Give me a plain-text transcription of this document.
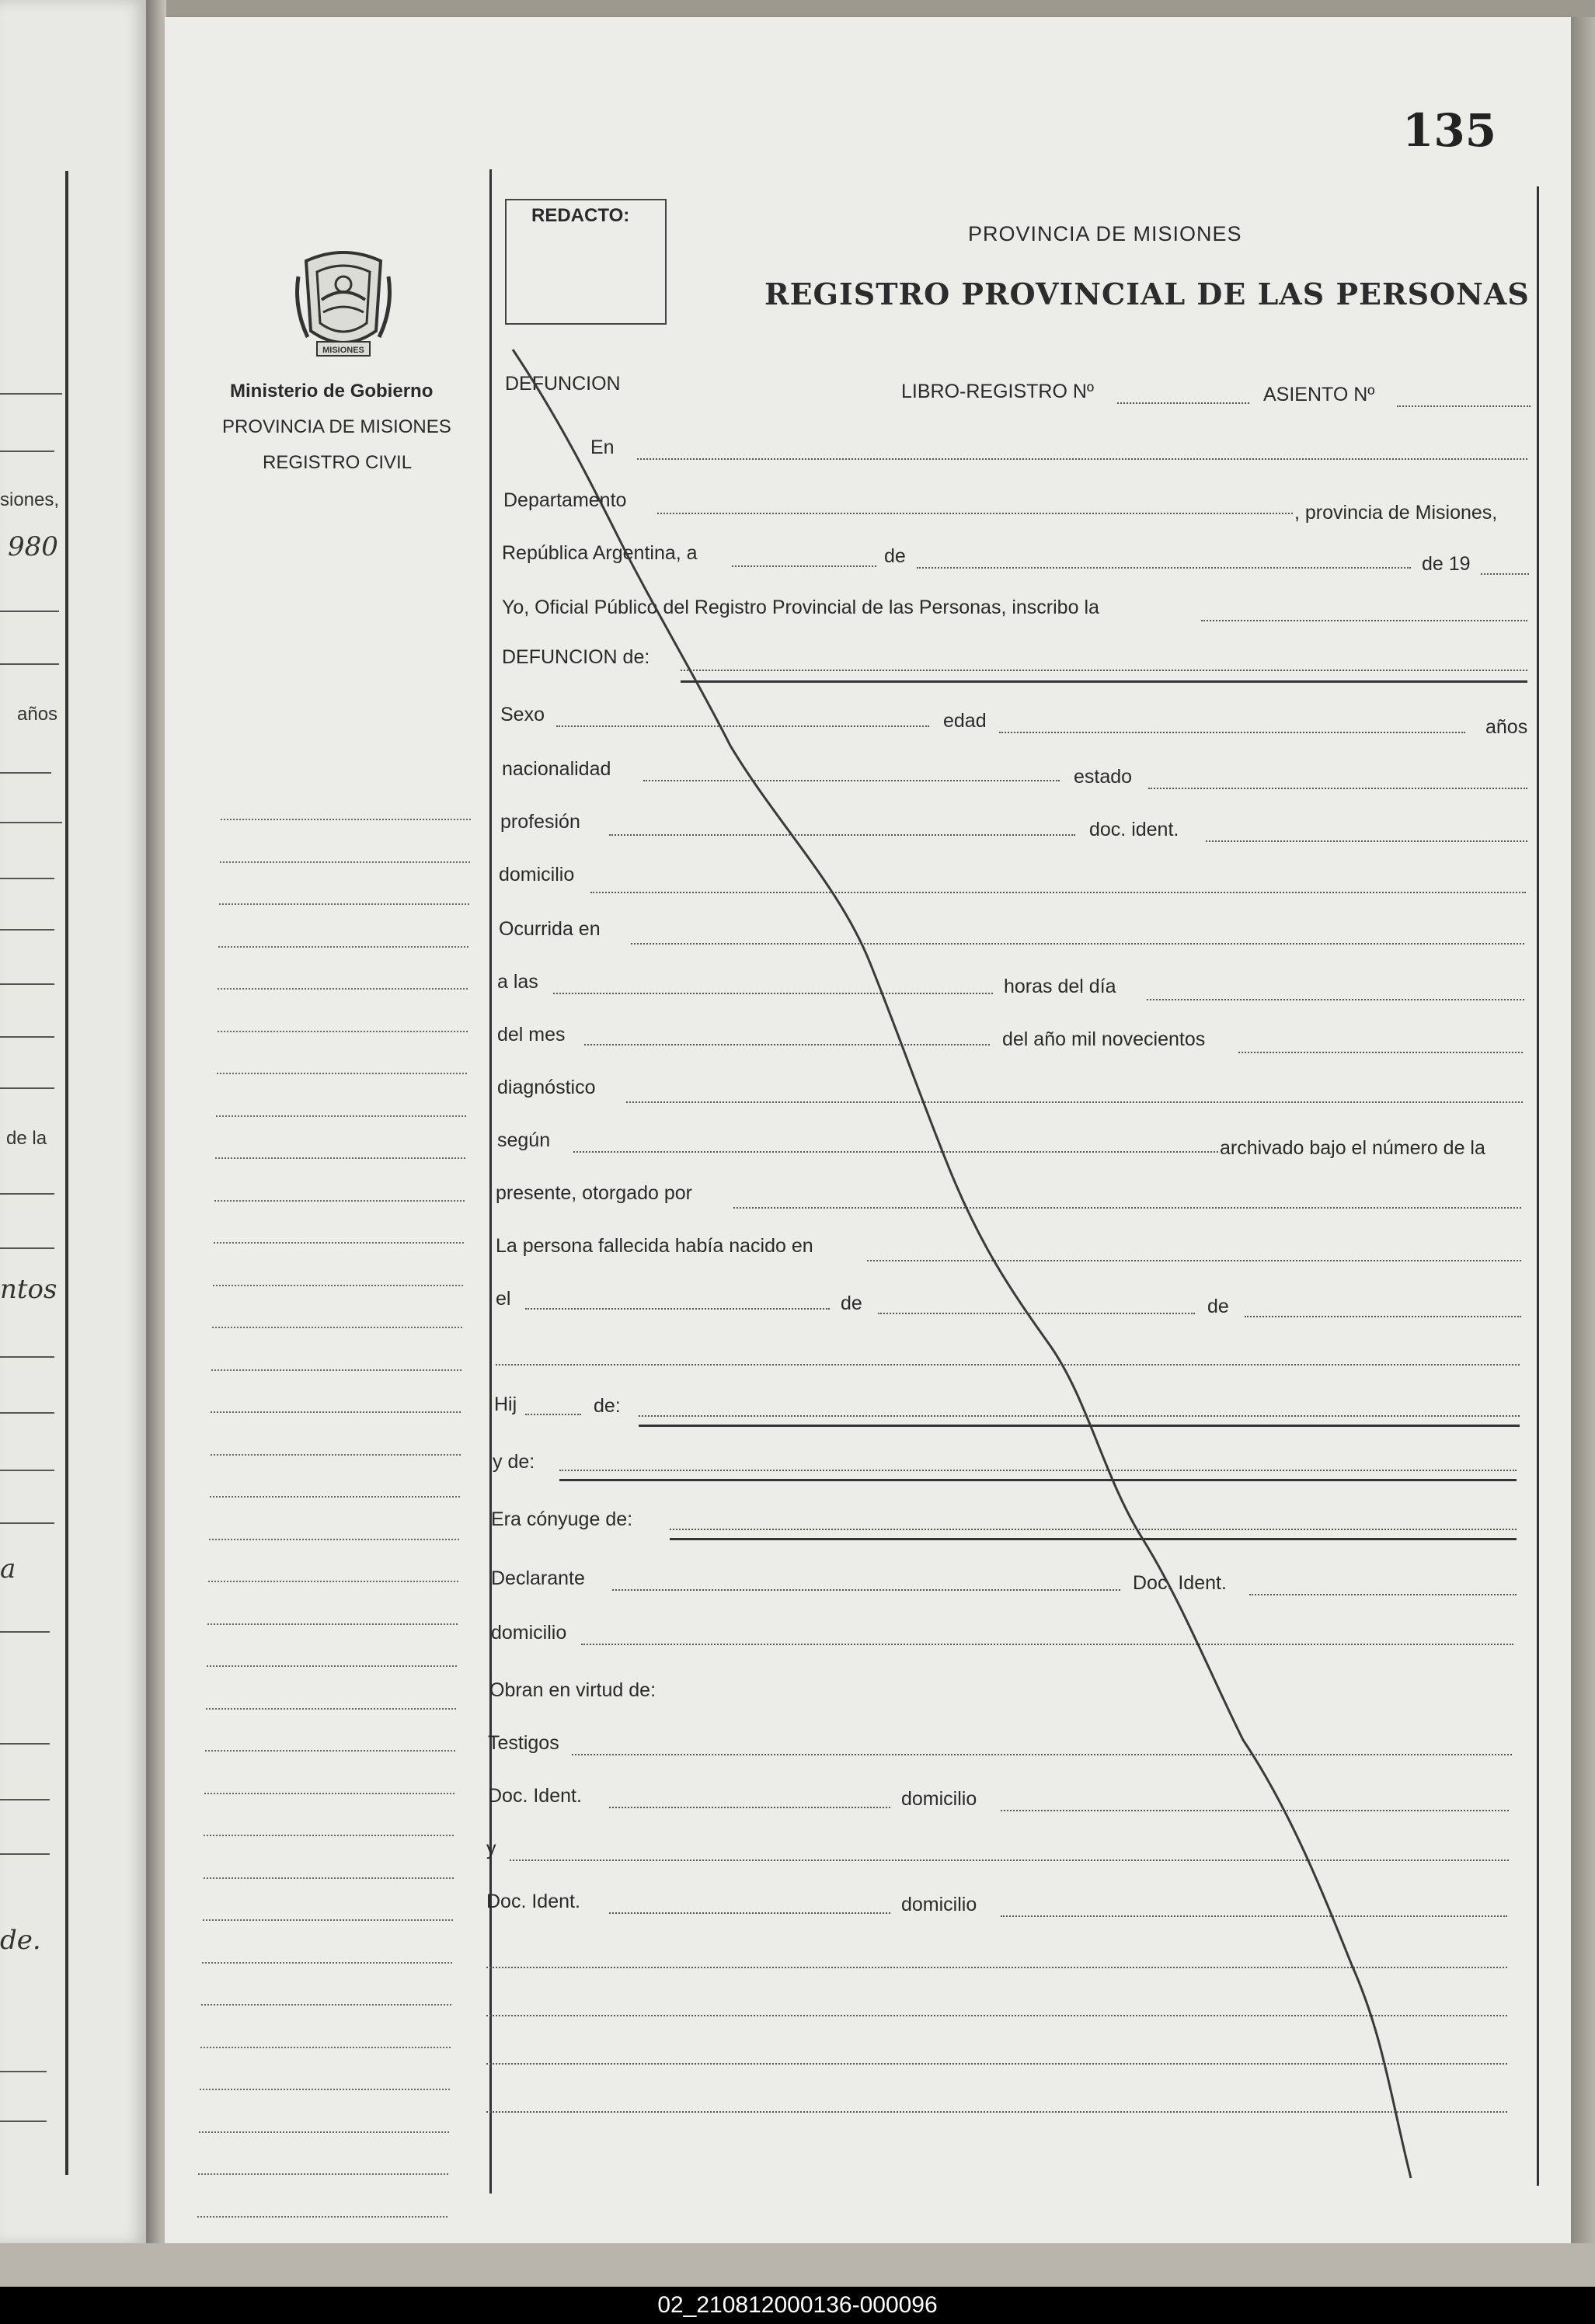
siones,
980
años
de la
ntos
a
de.
135
REDACTO:
PROVINCIA DE MISIONES
REGISTRO PROVINCIAL DE LAS PERSONAS
MISIONES
Ministerio de Gobierno
PROVINCIA DE MISIONES
REGISTRO CIVIL
DEFUNCION	LIBRO-REGISTRO Nº	ASIENTO Nº
En
Departamento
, provincia de Misiones,
República Argentina, a	de	de 19
Yo, Oficial Público del Registro Provincial de las Personas, inscribo la
DEFUNCION de:
Sexo	edad	años
nacionalidad	estado
profesión	doc. ident.
domicilio
Ocurrida en
a las	horas del día
del mes	del año mil novecientos
diagnóstico
según	archivado bajo el número de la
presente, otorgado por
La persona fallecida había nacido en
el	de	de
Hij	de:
y de:
Era cónyuge de:
Declarante	Doc. Ident.
domicilio
Obran en virtud de:
Testigos
Doc. Ident.	domicilio
y
Doc. Ident.	domicilio
02_210812000136-000096
